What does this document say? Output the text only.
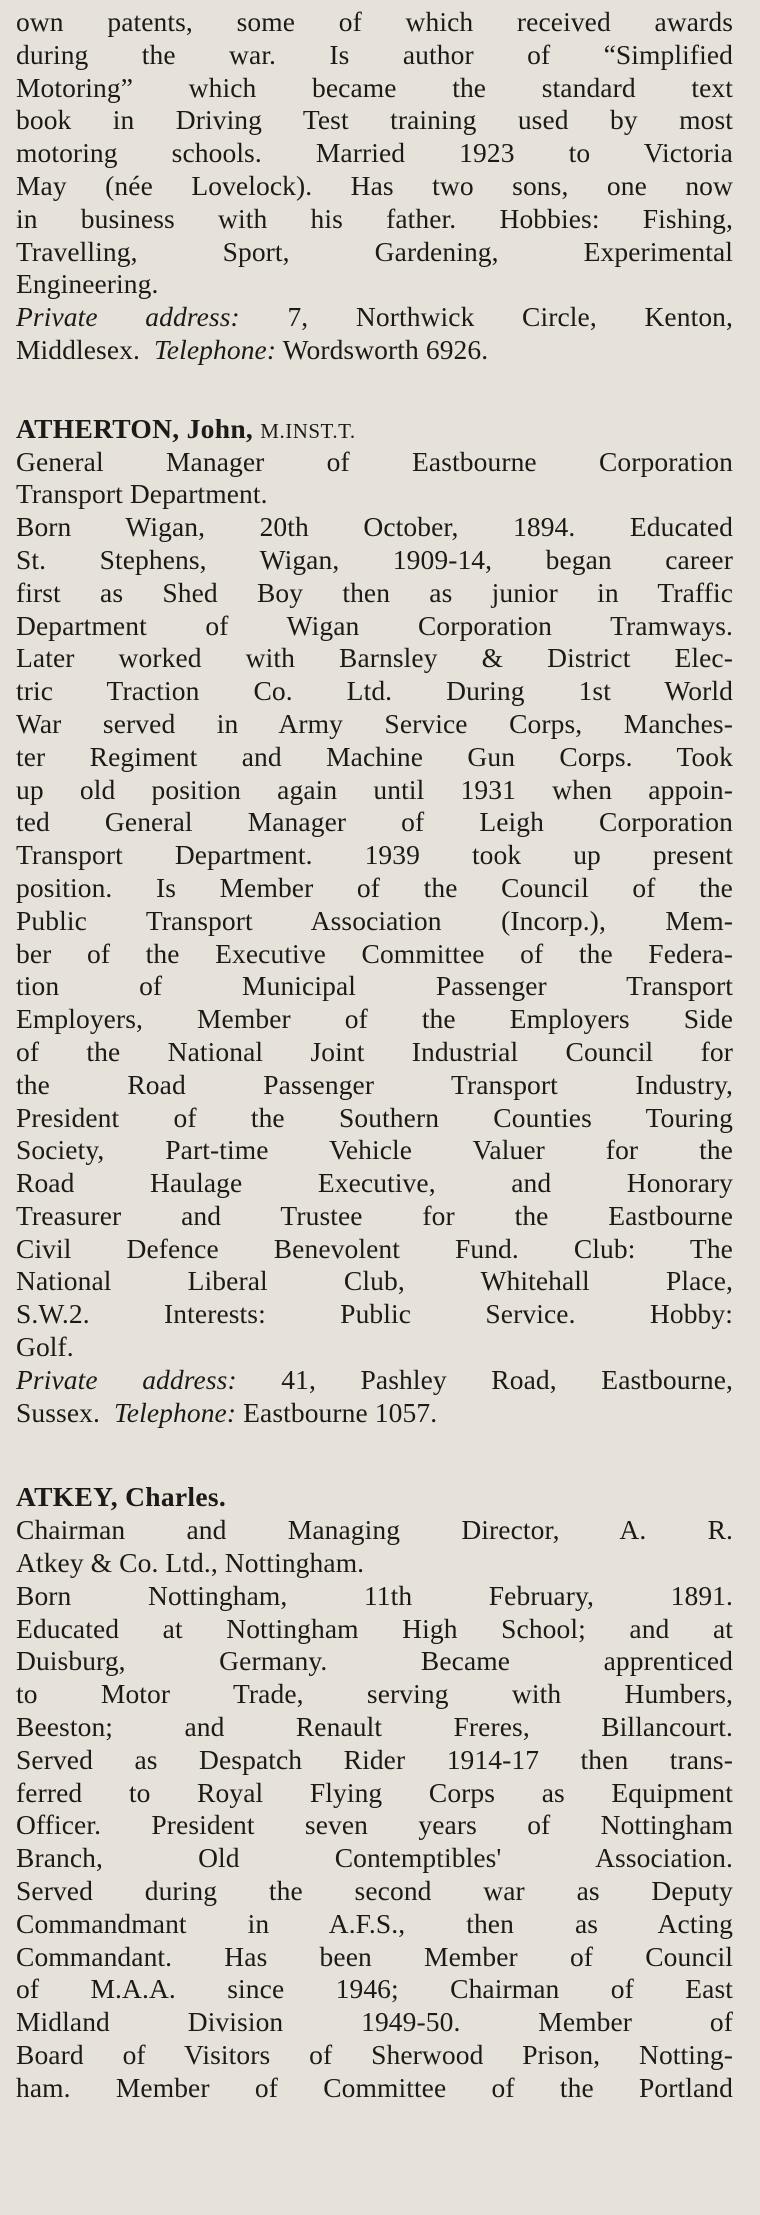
own patents, some of which received awards
during the war. Is author of “Simplified
Motoring” which became the standard text
book in Driving Test training used by most
motoring schools. Married 1923 to Victoria
May (née Lovelock). Has two sons, one now
in business with his father. Hobbies: Fishing,
Travelling, Sport, Gardening, Experimental
Engineering.
Private address: 7, Northwick Circle, Kenton,
Middlesex. Telephone: Wordsworth 6926.
ATHERTON, John, M.INST.T.
General Manager of Eastbourne Corporation
Transport Department.
Born Wigan, 20th October, 1894. Educated
St. Stephens, Wigan, 1909-14, began career
first as Shed Boy then as junior in Traffic
Department of Wigan Corporation Tramways.
Later worked with Barnsley & District Elec-
tric Traction Co. Ltd. During 1st World
War served in Army Service Corps, Manches-
ter Regiment and Machine Gun Corps. Took
up old position again until 1931 when appoin-
ted General Manager of Leigh Corporation
Transport Department. 1939 took up present
position. Is Member of the Council of the
Public Transport Association (Incorp.), Mem-
ber of the Executive Committee of the Federa-
tion of Municipal Passenger Transport
Employers, Member of the Employers Side
of the National Joint Industrial Council for
the Road Passenger Transport Industry,
President of the Southern Counties Touring
Society, Part-time Vehicle Valuer for the
Road Haulage Executive, and Honorary
Treasurer and Trustee for the Eastbourne
Civil Defence Benevolent Fund. Club: The
National Liberal Club, Whitehall Place,
S.W.2. Interests: Public Service. Hobby:
Golf.
Private address: 41, Pashley Road, Eastbourne,
Sussex. Telephone: Eastbourne 1057.
ATKEY, Charles.
Chairman and Managing Director, A. R.
Atkey & Co. Ltd., Nottingham.
Born Nottingham, 11th February, 1891.
Educated at Nottingham High School; and at
Duisburg, Germany. Became apprenticed
to Motor Trade, serving with Humbers,
Beeston; and Renault Freres, Billancourt.
Served as Despatch Rider 1914-17 then trans-
ferred to Royal Flying Corps as Equipment
Officer. President seven years of Nottingham
Branch, Old Contemptibles' Association.
Served during the second war as Deputy
Commandmant in A.F.S., then as Acting
Commandant. Has been Member of Council
of M.A.A. since 1946; Chairman of East
Midland Division 1949-50. Member of
Board of Visitors of Sherwood Prison, Notting-
ham. Member of Committee of the Portland
